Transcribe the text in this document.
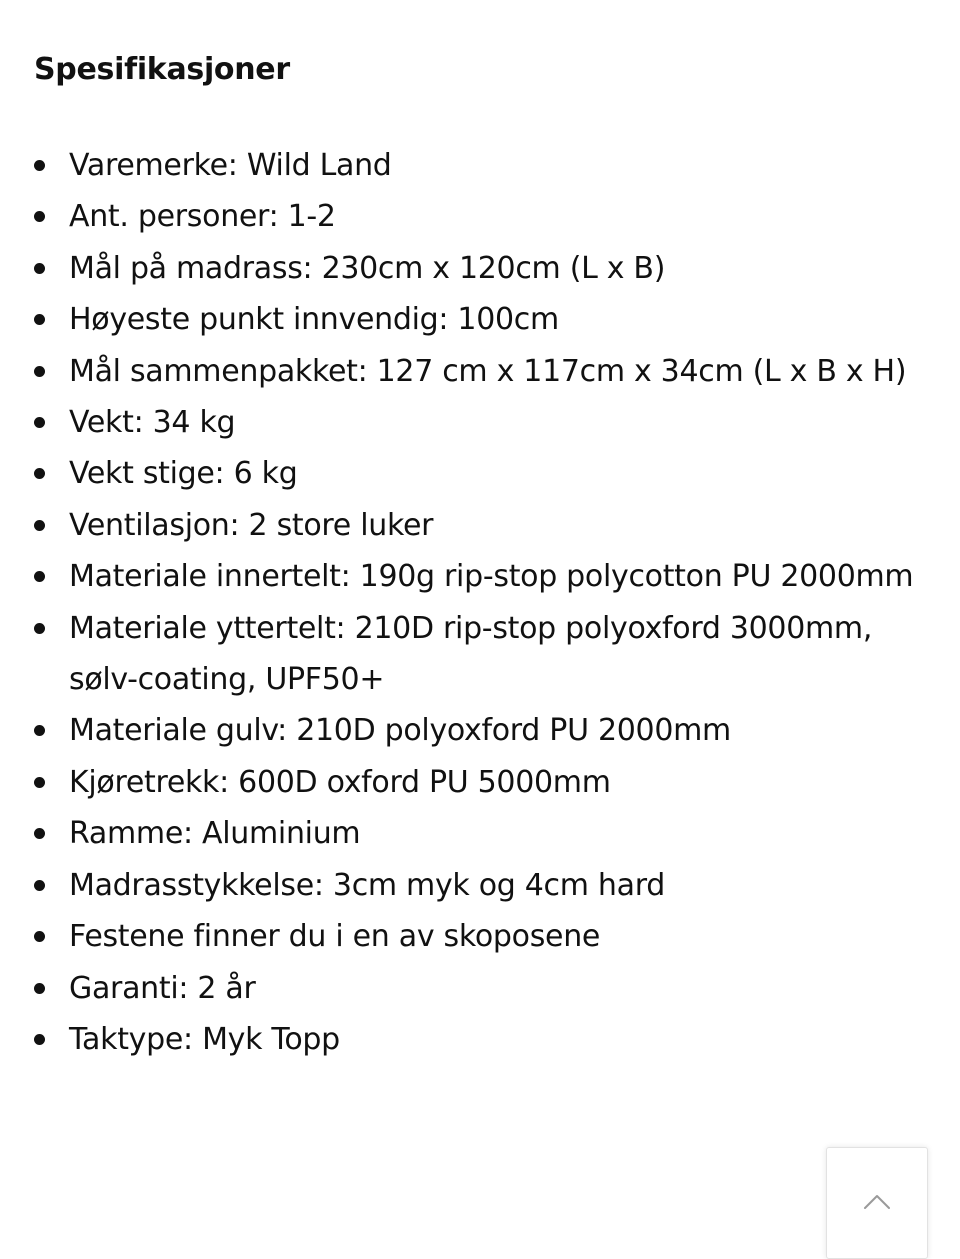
Spesifikasjoner
Varemerke: Wild Land
Ant. personer: 1-2
Mål på madrass: 230cm x 120cm (L x B)
Høyeste punkt innvendig: 100cm
Mål sammenpakket: 127 cm x 117cm x 34cm (L x B x H)
Vekt: 34 kg
Vekt stige: 6 kg
Ventilasjon: 2 store luker
Materiale innertelt: 190g rip-stop polycotton PU 2000mm
Materiale yttertelt: 210D rip-stop polyoxford 3000mm, sølv-coating, UPF50+
Materiale gulv: 210D polyoxford PU 2000mm
Kjøretrekk: 600D oxford PU 5000mm
Ramme: Aluminium
Madrasstykkelse: 3cm myk og 4cm hard
Festene finner du i en av skoposene
Garanti: 2 år
Taktype: Myk Topp
